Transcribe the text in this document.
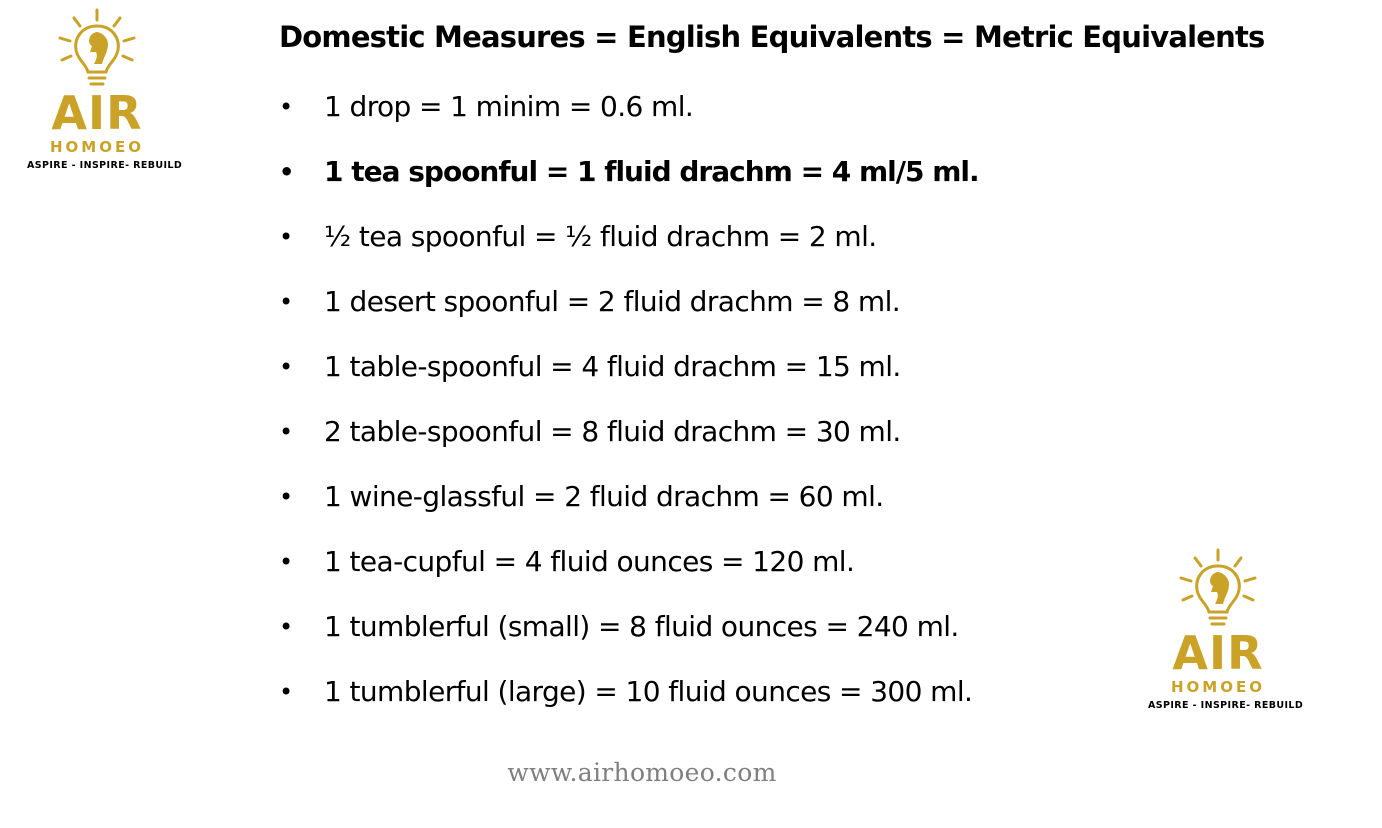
Domestic Measures = English Equivalents = Metric Equivalents
•	1 drop = 1 minim = 0.6 ml.
•	1 tea spoonful = 1 fluid drachm = 4 ml/5 ml.
•	½ tea spoonful = ½ fluid drachm = 2 ml.
•	1 desert spoonful = 2 fluid drachm = 8 ml.
•	1 table-spoonful = 4 fluid drachm = 15 ml.
•	2 table-spoonful = 8 fluid drachm = 30 ml.
•	1 wine-glassful = 2 fluid drachm = 60 ml.
•	1 tea-cupful = 4 fluid ounces = 120 ml.
•	1 tumblerful (small) = 8 fluid ounces = 240 ml.
•	1 tumblerful (large) = 10 fluid ounces = 300 ml.
www.airhomoeo.com
AIR
HOMOEO
ASPIRE - INSPIRE- REBUILD
AIR
HOMOEO
ASPIRE - INSPIRE- REBUILD
